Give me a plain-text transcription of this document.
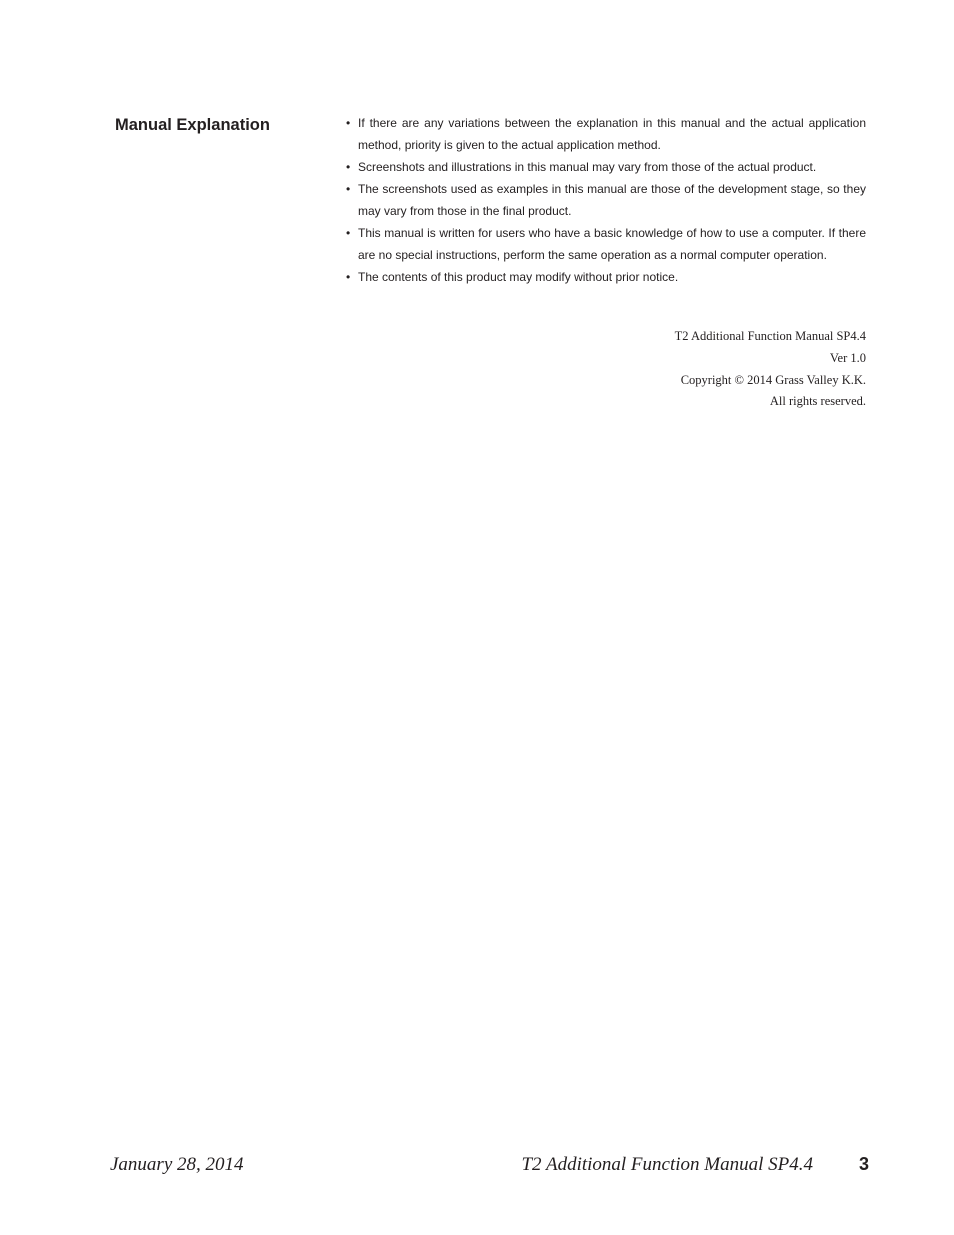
Manual Explanation	• If there are any variations between the explanation in this manual and the actual application method, priority is given to the actual application method.
• Screenshots and illustrations in this manual may vary from those of the actual product.
• The screenshots used as examples in this manual are those of the development stage, so they may vary from those in the final product.
• This manual is written for users who have a basic knowledge of how to use a computer. If there are no special instructions, perform the same operation as a normal computer operation.
• The contents of this product may modify without prior notice.
T2 Additional Function Manual SP4.4
Ver 1.0
Copyright © 2014 Grass Valley K.K.
All rights reserved.
January 28, 2014	T2 Additional Function Manual SP4.4	3
